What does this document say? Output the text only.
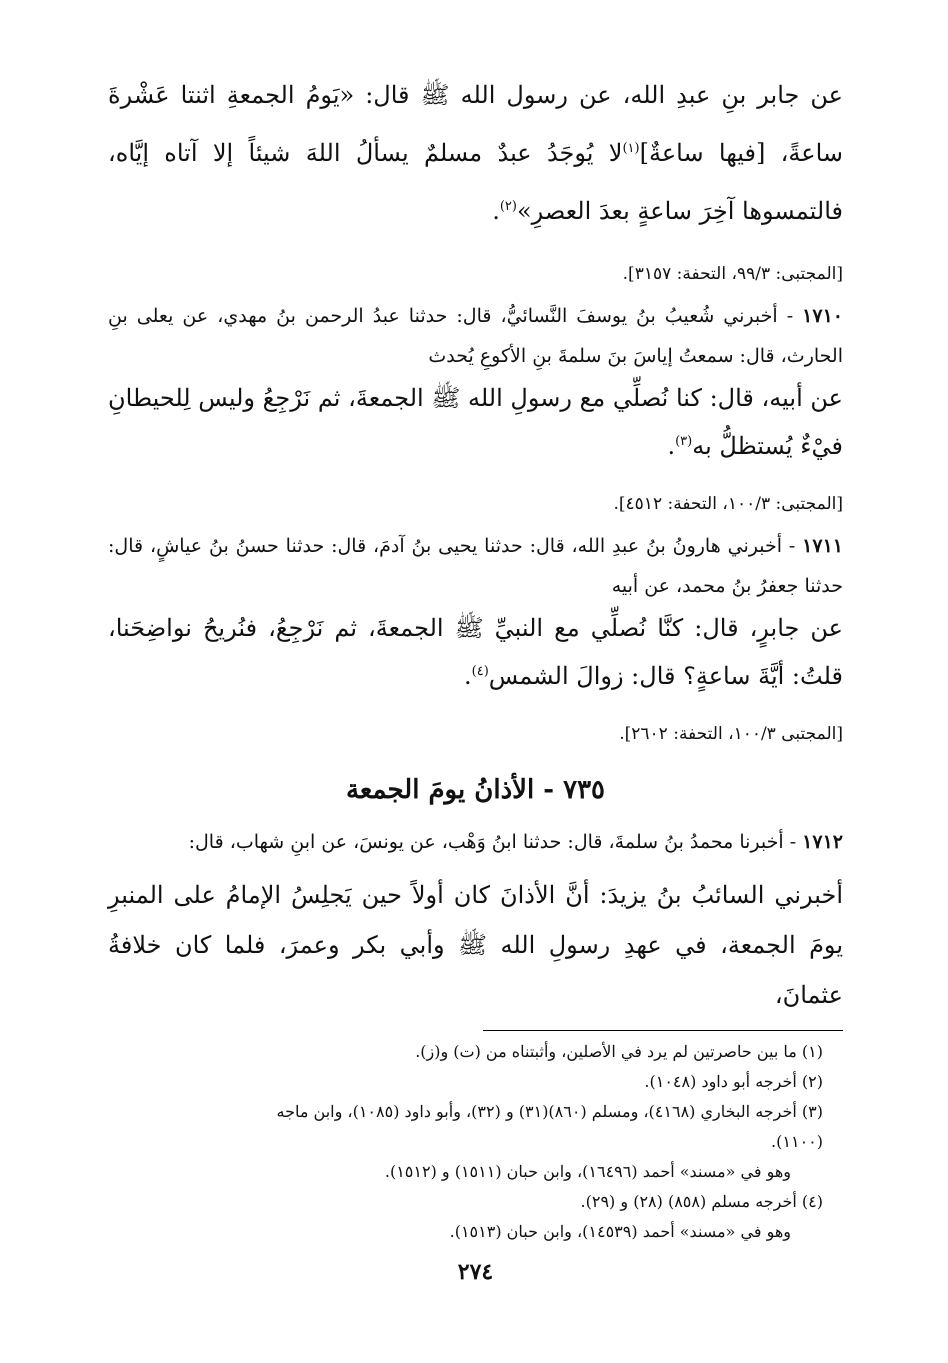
عن جابر بنِ عبدِ الله، عن رسول الله ﷺ قال: «يَومُ الجمعةِ اثنتا عَشْرةَ ساعةً، [فيها ساعةٌ]$^{(١)}$لا يُوجَدُ عبدٌ مسلمٌ يسألُ اللهَ شيئاً إلا آتاه إيَّاه، فالتمسوها آخِرَ ساعةٍ بعدَ العصرِ»$^{(٢)}$.

[المجتبى: ٩٩/٣، التحفة: ٣١٥٧].

١٧١٠ - أخبرني شُعيبُ بنُ يوسفَ النَّسائيُّ، قال: حدثنا عبدُ الرحمن بنُ مهدي، عن يعلى بنِ الحارث، قال: سمعتُ إياسَ بنَ سلمةَ بنِ الأكوعِ يُحدث

عن أبيه، قال: كنا نُصلِّي مع رسولِ الله ﷺ الجمعةَ، ثم نَرْجِعُ وليس لِلحيطانِ فيْءٌ يُستظلُّ به$^{(٣)}$.

[المجتبى: ١٠٠/٣، التحفة: ٤٥١٢].

١٧١١ - أخبرني هارونُ بنُ عبدِ الله، قال: حدثنا يحيى بنُ آدمَ، قال: حدثنا حسنُ بنُ عياشٍ، قال: حدثنا جعفرُ بنُ محمد، عن أبيه

عن جابرٍ، قال: كنَّا نُصلِّي مع النبيِّ ﷺ الجمعةَ، ثم نَرْجِعُ، فنُريحُ نواضِحَنا، قلتُ: أيَّةَ ساعةٍ؟ قال: زوالَ الشمس$^{(٤)}$.

[المجتبى ١٠٠/٣، التحفة: ٢٦٠٢].

٧٣٥ - الأذانُ يومَ الجمعة

١٧١٢ - أخبرنا محمدُ بنُ سلمةَ، قال: حدثنا ابنُ وَهْب، عن يونسَ، عن ابنِ شهاب، قال:

أخبرني السائبُ بنُ يزيدَ: أنَّ الأذانَ كان أولاً حين يَجلِسُ الإمامُ على المنبرِ يومَ الجمعة، في عهدِ رسولِ الله ﷺ وأبي بكر وعمرَ، فلما كان خلافةُ عثمانَ،

(١) ما بين حاصرتين لم يرد في الأصلين، وأثبتناه من (ت) و(ز).

(٢) أخرجه أبو داود (١٠٤٨).

(٣) أخرجه البخاري (٤١٦٨)، ومسلم (٨٦٠)(٣١) و (٣٢)، وأبو داود (١٠٨٥)، وابن ماجه

(١١٠٠).

وهو في «مسند» أحمد (١٦٤٩٦)، وابن حبان (١٥١١) و (١٥١٢).

(٤) أخرجه مسلم (٨٥٨) (٢٨) و (٢٩).

وهو في «مسند» أحمد (١٤٥٣٩)، وابن حبان (١٥١٣).

٢٧٤
